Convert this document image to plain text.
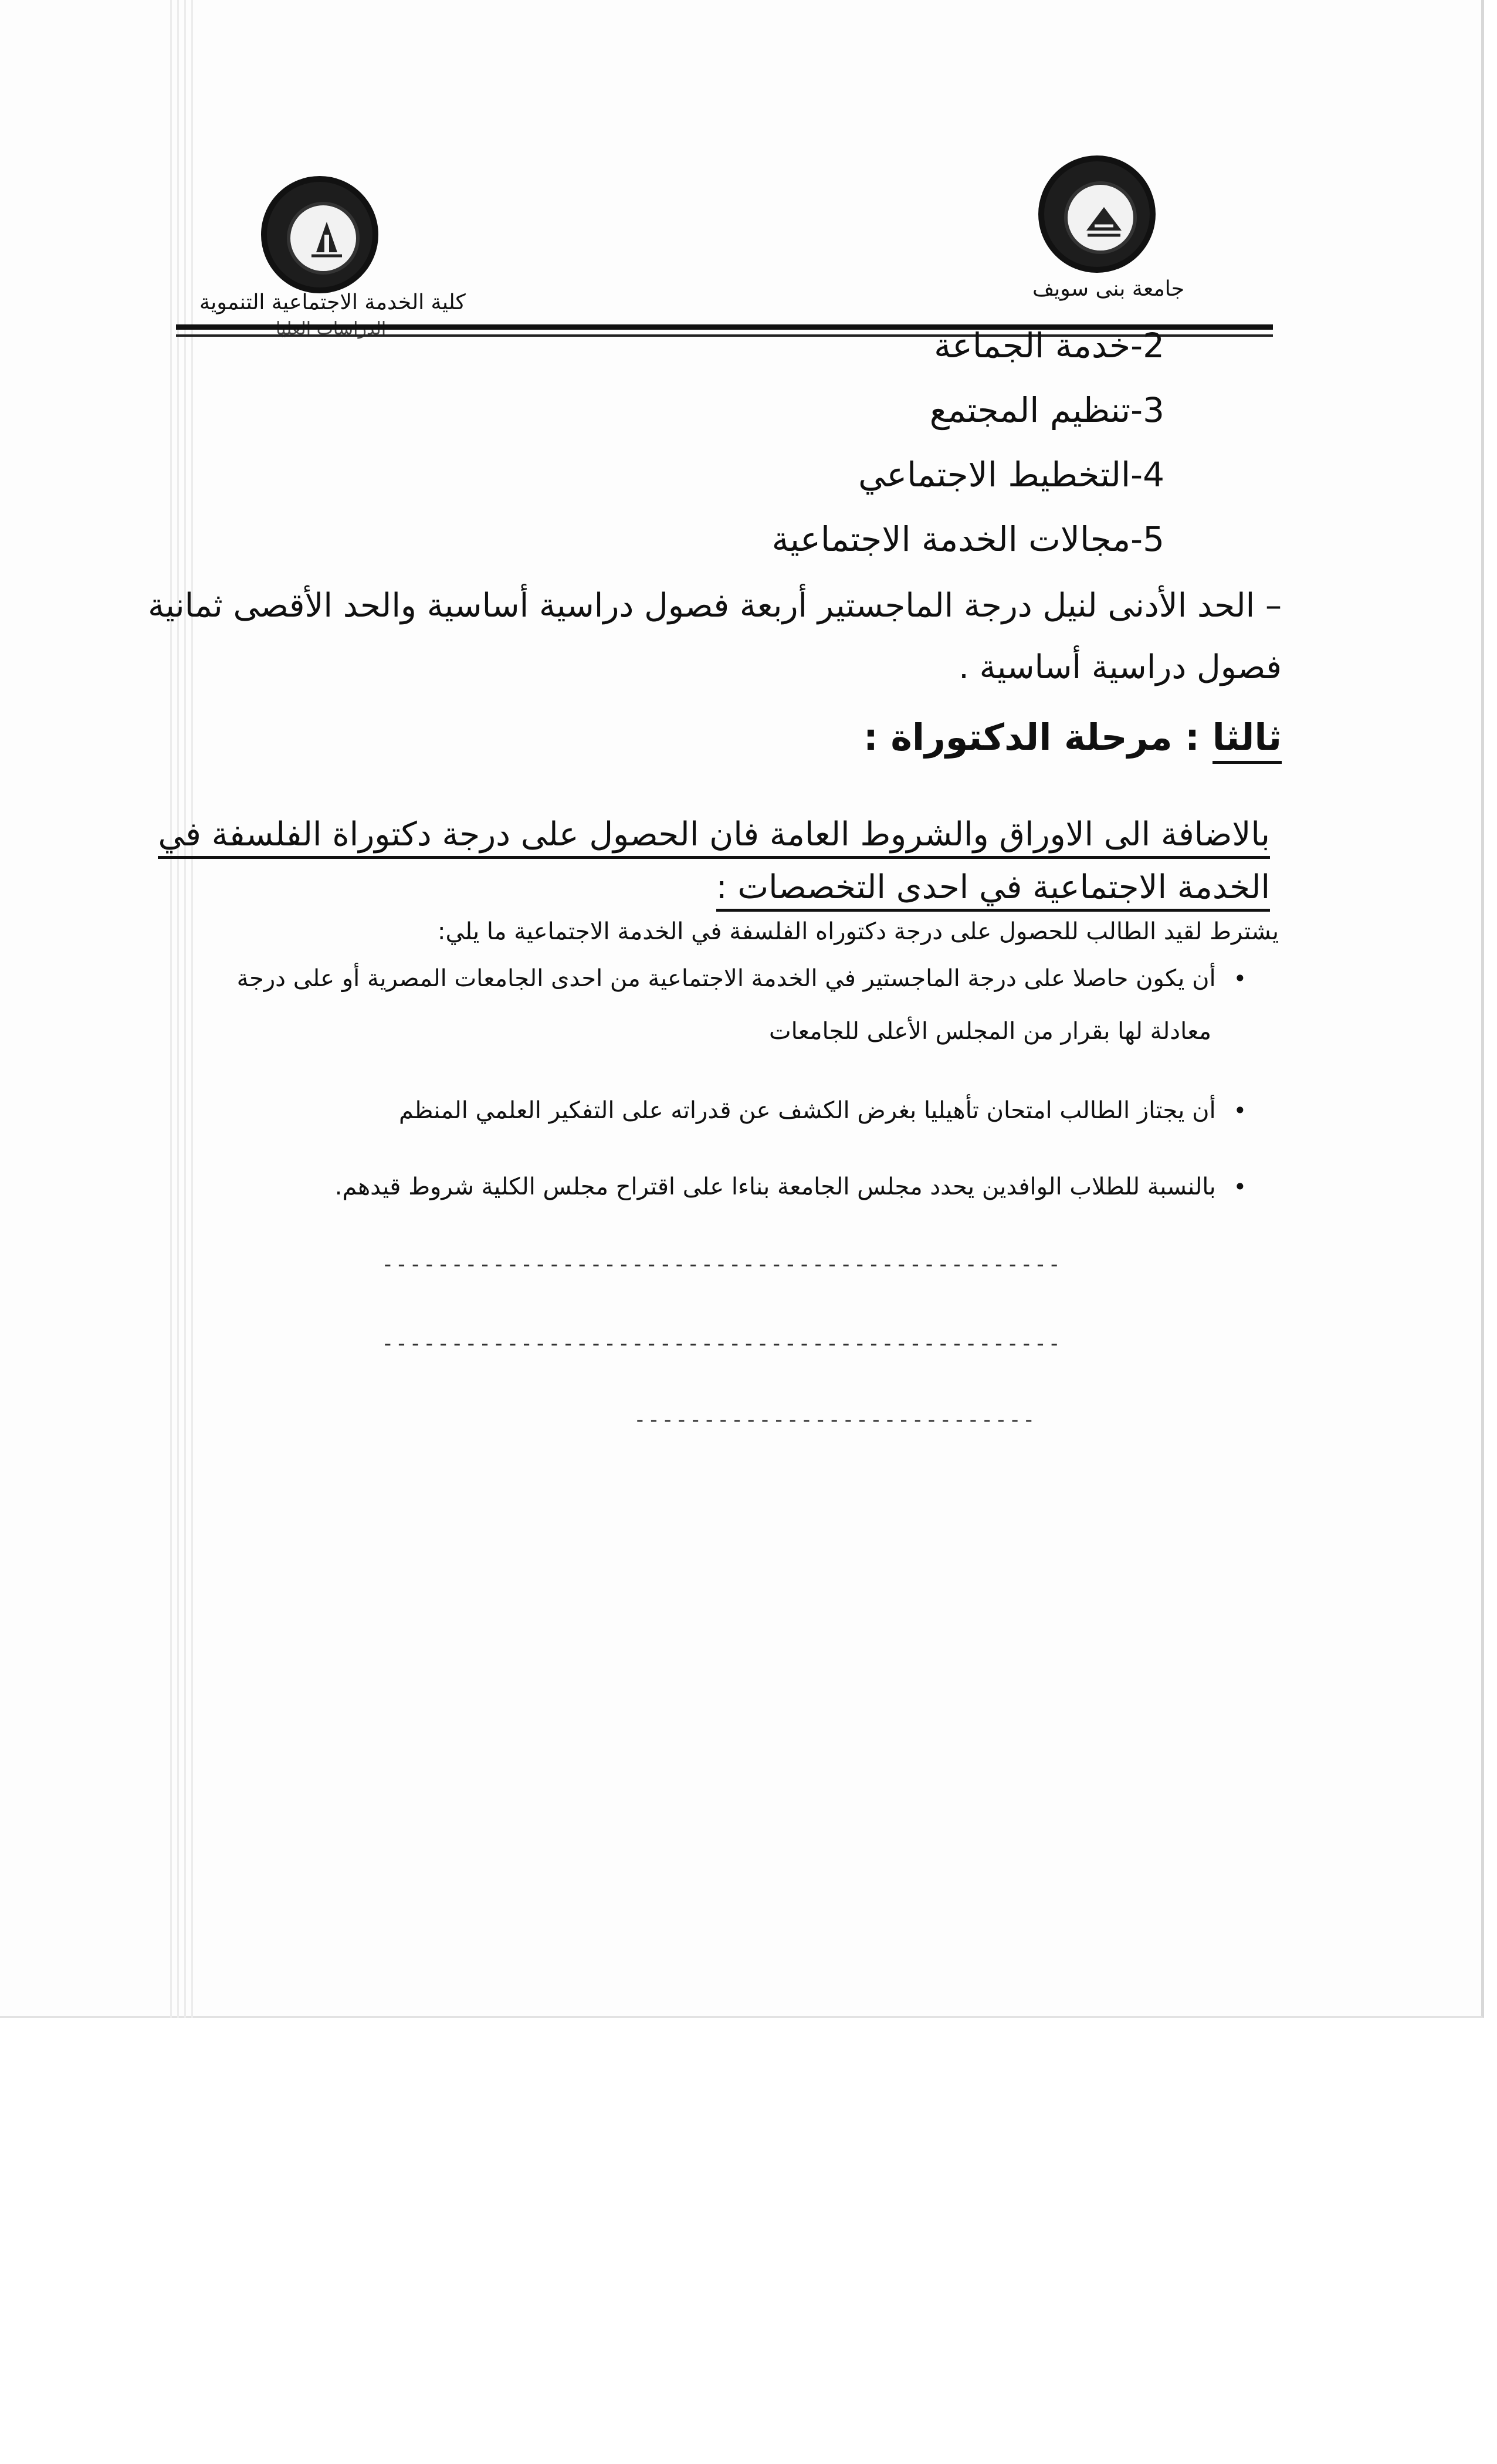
كلية الخدمة الاجتماعية التنموية
جامعة بنى سويف
2-خدمة الجماعة
3-تنظيم المجتمع
4-التخطيط الاجتماعي
5-مجالات الخدمة الاجتماعية
– الحد الأدنى لنيل درجة الماجستير أربعة فصول دراسية أساسية والحد الأقصى ثمانية
فصول دراسية أساسية .
ثالثا : مرحلة الدكتوراة :
بالاضافة الى الاوراق والشروط العامة فان الحصول على درجة دكتوراة الفلسفة في
الخدمة الاجتماعية في احدى التخصصات :
يشترط لقيد الطالب للحصول على درجة دكتوراه الفلسفة في الخدمة الاجتماعية ما يلي:
•أن يكون حاصلا على درجة الماجستير في الخدمة الاجتماعية من احدى الجامعات المصرية أو على درجة
معادلة لها بقرار من المجلس الأعلى للجامعات
•أن يجتاز الطالب امتحان تأهيليا بغرض الكشف عن قدراته على التفكير العلمي المنظم
•بالنسبة للطلاب الوافدين يحدد مجلس الجامعة بناءا على اقتراح مجلس الكلية شروط قيدهم.
-------------------------------------------------
-------------------------------------------------
-----------------------------
